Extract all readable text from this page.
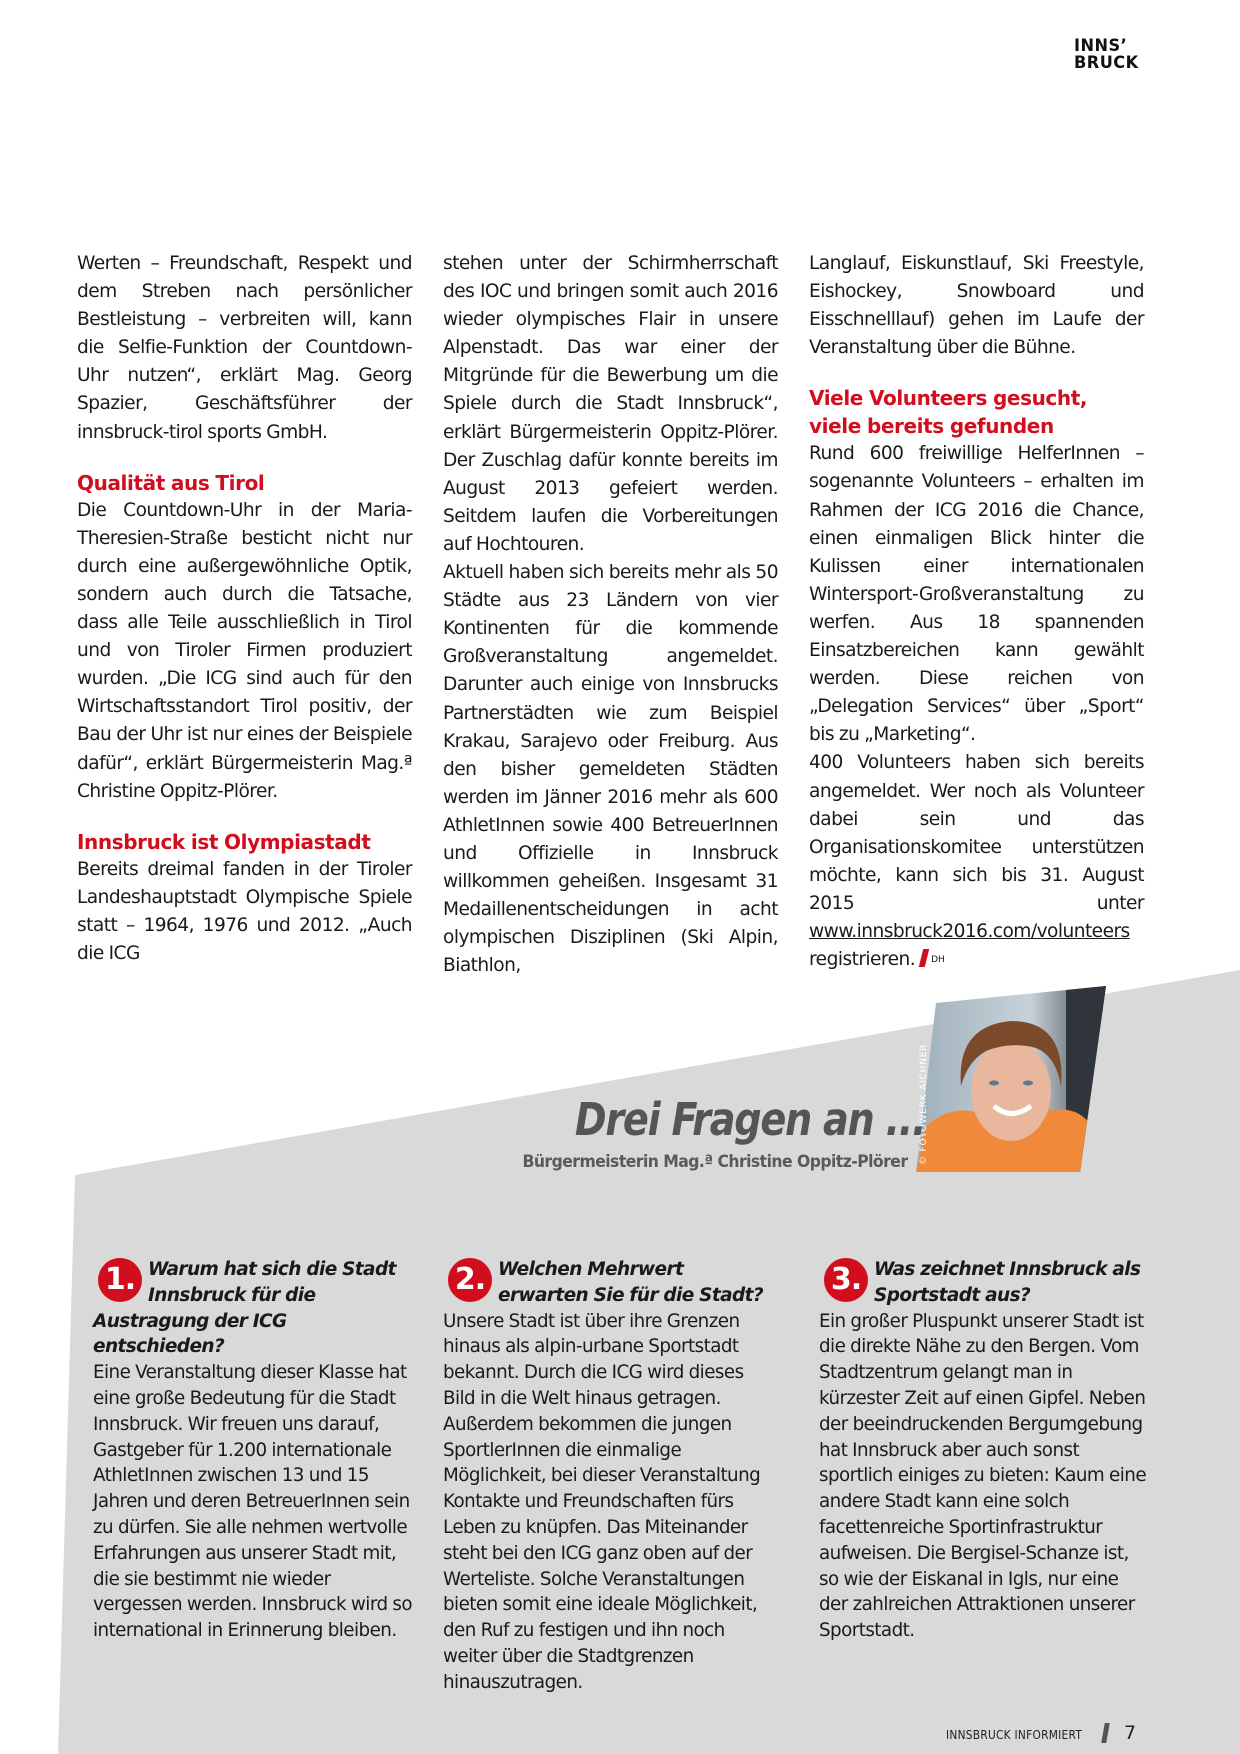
INNS’
BRUCK

Werten – Freundschaft, Respekt und dem Streben nach persönlicher Bestleistung – verbreiten will, kann die Selfie-Funktion der Countdown-Uhr nutzen“, erklärt Mag. Georg Spazier, Geschäftsführer der innsbruck-tirol sports GmbH.

Qualität aus Tirol

Die Countdown-Uhr in der Maria-Theresien-Straße besticht nicht nur durch eine außergewöhnliche Optik, sondern auch durch die Tatsache, dass alle Teile ausschließlich in Tirol und von Tiroler Firmen produziert wurden. „Die ICG sind auch für den Wirtschaftsstandort Tirol positiv, der Bau der Uhr ist nur eines der Beispiele dafür“, erklärt Bürgermeisterin Mag.ª Christine Oppitz-Plörer.

Innsbruck ist Olympiastadt

Bereits dreimal fanden in der Tiroler Landeshauptstadt Olympische Spiele statt – 1964, 1976 und 2012. „Auch die ICG

stehen unter der Schirmherrschaft des IOC und bringen somit auch 2016 wieder olympisches Flair in unsere Alpenstadt. Das war einer der Mitgründe für die Bewerbung um die Spiele durch die Stadt Innsbruck“, erklärt Bürgermeisterin Oppitz-Plörer. Der Zuschlag dafür konnte bereits im August 2013 gefeiert werden. Seitdem laufen die Vorbereitungen auf Hochtouren.

Aktuell haben sich bereits mehr als 50 Städte aus 23 Ländern von vier Kontinenten für die kommende Großveranstaltung angemeldet. Darunter auch einige von Innsbrucks Partnerstädten wie zum Beispiel Krakau, Sarajevo oder Freiburg. Aus den bisher gemeldeten Städten werden im Jänner 2016 mehr als 600 AthletInnen sowie 400 BetreuerInnen und Offizielle in Innsbruck willkommen geheißen. Insgesamt 31 Medaillenentscheidungen in acht olympischen Disziplinen (Ski Alpin, Biathlon,

Langlauf, Eiskunstlauf, Ski Freestyle, Eishockey, Snowboard und Eisschnelllauf) gehen im Laufe der Veranstaltung über die Bühne.

Viele Volunteers gesucht,
viele bereits gefunden

Rund 600 freiwillige HelferInnen – sogenannte Volunteers – erhalten im Rahmen der ICG 2016 die Chance, einen einmaligen Blick hinter die Kulissen einer internationalen Wintersport-Großveranstaltung zu werfen. Aus 18 spannenden Einsatzbereichen kann gewählt werden. Diese reichen von „Delegation Services“ über „Sport“ bis zu „Marketing“.

400 Volunteers haben sich bereits angemeldet. Wer noch als Volunteer dabei sein und das Organisationskomitee unterstützen möchte, kann sich bis 31. August 2015 unter www.innsbruck2016.com/volunteers registrieren. $^{DH}$

© FOTOWERK AICHNER
Drei Fragen an ...
Bürgermeisterin Mag.ª Christine Oppitz-Plörer
1. Warum hat sich die Stadt Innsbruck für die Austragung der ICG entschieden?

Eine Veranstaltung dieser Klasse hat eine große Bedeutung für die Stadt Innsbruck. Wir freuen uns darauf, Gastgeber für 1.200 internationale AthletInnen zwischen 13 und 15 Jahren und deren BetreuerInnen sein zu dürfen. Sie alle nehmen wertvolle Erfahrungen aus unserer Stadt mit, die sie bestimmt nie wieder vergessen werden. Innsbruck wird so international in Erinnerung bleiben.

2. Welchen Mehrwert erwarten Sie für die Stadt?

Unsere Stadt ist über ihre Grenzen hinaus als alpin-urbane Sportstadt bekannt. Durch die ICG wird dieses Bild in die Welt hinaus getragen. Außerdem bekommen die jungen SportlerInnen die einmalige Möglichkeit, bei dieser Veranstaltung Kontakte und Freundschaften fürs Leben zu knüpfen. Das Miteinander steht bei den ICG ganz oben auf der Werteliste. Solche Veranstaltungen bieten somit eine ideale Möglichkeit, den Ruf zu festigen und ihn noch weiter über die Stadtgrenzen hinauszutragen.

3. Was zeichnet Innsbruck als Sportstadt aus?

Ein großer Pluspunkt unserer Stadt ist die direkte Nähe zu den Bergen. Vom Stadtzentrum gelangt man in kürzester Zeit auf einen Gipfel. Neben der beeindruckenden Bergumgebung hat Innsbruck aber auch sonst sportlich einiges zu bieten: Kaum eine andere Stadt kann eine solch facettenreiche Sportinfrastruktur aufweisen. Die Bergisel-Schanze ist, so wie der Eiskanal in Igls, nur eine der zahlreichen Attraktionen unserer Sportstadt.

INNSBRUCK INFORMIERT 7
